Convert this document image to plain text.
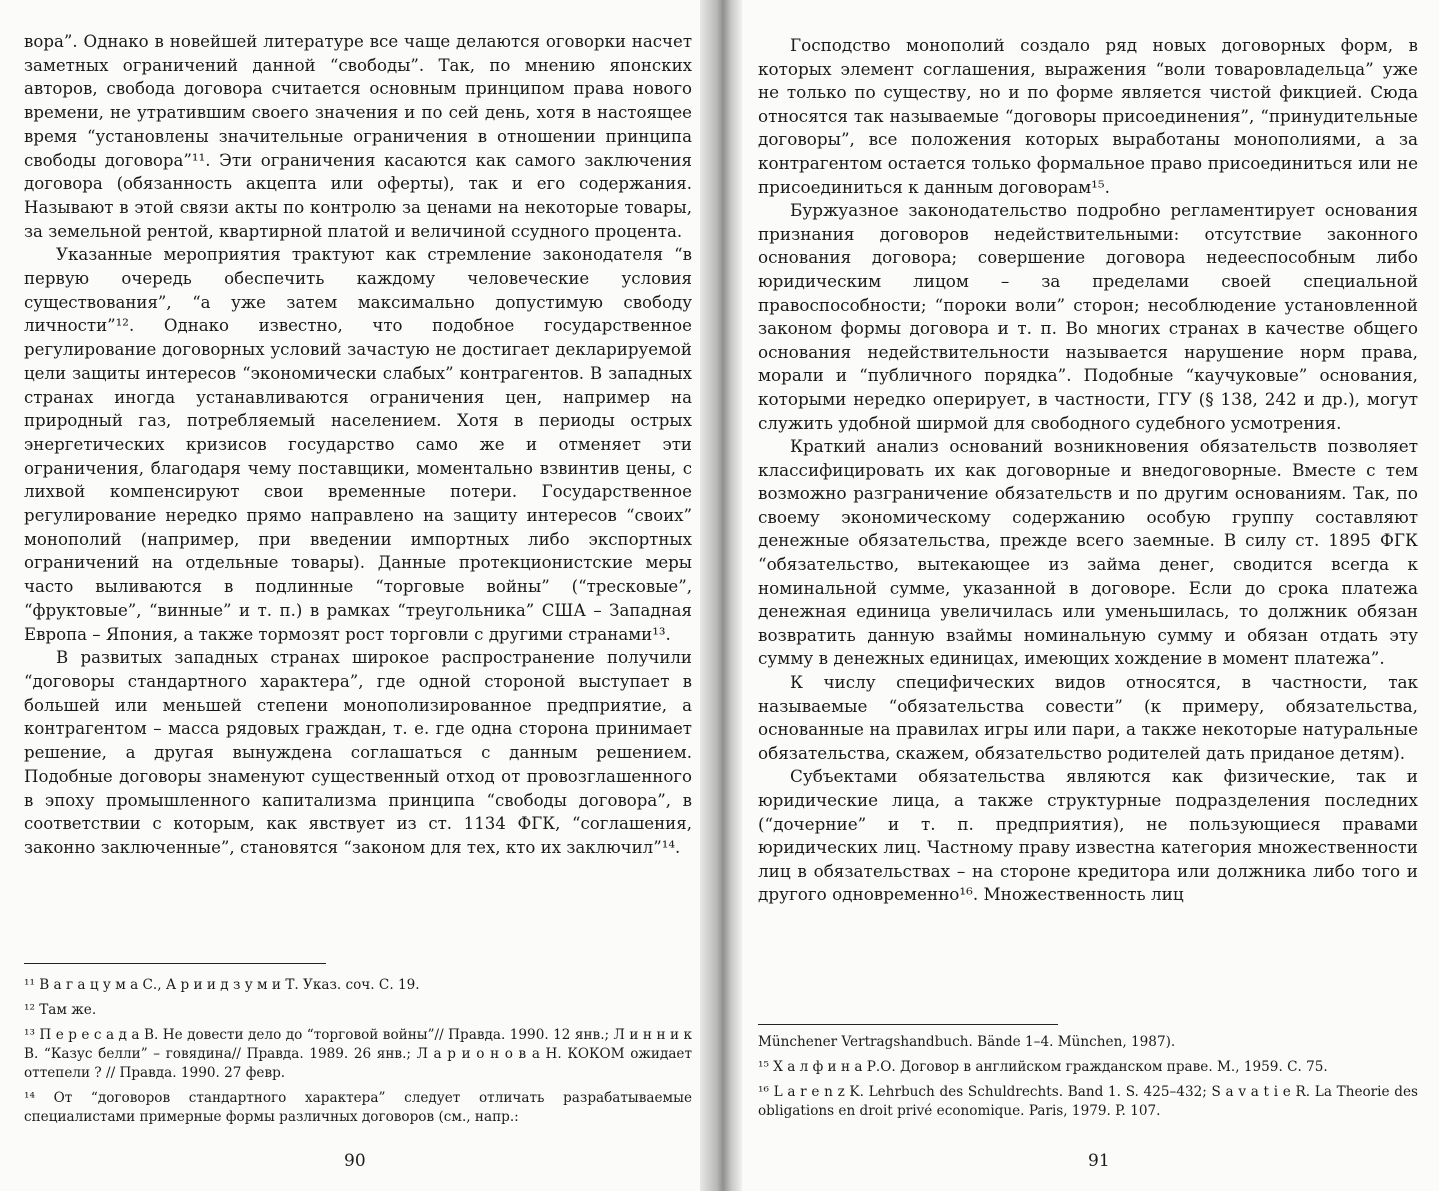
вора”. Однако в новейшей литературе все чаще делаются оговорки насчет заметных ограничений данной “свободы”. Так, по мнению японских авторов, свобода договора считается основным принципом права нового времени, не утратившим своего значения и по сей день, хотя в настоящее время “установлены значительные ограничения в отношении принципа свободы договора”¹¹. Эти ограничения касаются как самого заключения договора (обязанность акцепта или оферты), так и его содержания. Называют в этой связи акты по контролю за ценами на некоторые товары, за земельной рентой, квартирной платой и величиной ссудного процента.

Указанные мероприятия трактуют как стремление законодателя “в первую очередь обеспечить каждому человеческие условия существования”, “а уже затем максимально допустимую свободу личности”¹². Однако известно, что подобное государственное регулирование договорных условий зачастую не достигает декларируемой цели защиты интересов “экономически слабых” контрагентов. В западных странах иногда устанавливаются ограничения цен, например на природный газ, потребляемый населением. Хотя в периоды острых энергетических кризисов государство само же и отменяет эти ограничения, благодаря чему поставщики, моментально взвинтив цены, с лихвой компенсируют свои временные потери. Государственное регулирование нередко прямо направлено на защиту интересов “своих” монополий (например, при введении импортных либо экспортных ограничений на отдельные товары). Данные протекционистские меры часто выливаются в подлинные “торговые войны” (“тресковые”, “фруктовые”, “винные” и т. п.) в рамках “треугольника” США – Западная Европа – Япония, а также тормозят рост торговли с другими странами¹³.

В развитых западных странах широкое распространение получили “договоры стандартного характера”, где одной стороной выступает в большей или меньшей степени монополизированное предприятие, а контрагентом – масса рядовых граждан, т. е. где одна сторона принимает решение, а другая вынуждена соглашаться с данным решением. Подобные договоры знаменуют существенный отход от провозглашенного в эпоху промышленного капитализма принципа “свободы договора”, в соответствии с которым, как явствует из ст. 1134 ФГК, “соглашения, законно заключенные”, становятся “законом для тех, кто их заключил”¹⁴.

¹¹ В а г а ц у м а С., А р и и д з у м и Т. Указ. соч. С. 19.

¹² Там же.

¹³ П е р е с а д а В. Не довести дело до “торговой войны”// Правда. 1990. 12 янв.; Л и н н и к В. “Казус белли” – говядина// Правда. 1989. 26 янв.; Л а р и о н о в а Н. КОКОМ ожидает оттепели ? // Правда. 1990. 27 февр.

¹⁴ От “договоров стандартного характера” следует отличать разрабатываемые специалистами примерные формы различных договоров (см., напр.:

90

Господство монополий создало ряд новых договорных форм, в которых элемент соглашения, выражения “воли товаровладельца” уже не только по существу, но и по форме является чистой фикцией. Сюда относятся так называемые “договоры присоединения”, “принудительные договоры”, все положения которых выработаны монополиями, а за контрагентом остается только формальное право присоединиться или не присоединиться к данным договорам¹⁵.

Буржуазное законодательство подробно регламентирует основания признания договоров недействительными: отсутствие законного основания договора; совершение договора недееспособным либо юридическим лицом – за пределами своей специальной правоспособности; “пороки воли” сторон; несоблюдение установленной законом формы договора и т. п. Во многих странах в качестве общего основания недействительности называется нарушение норм права, морали и “публичного порядка”. Подобные “каучуковые” основания, которыми нередко оперирует, в частности, ГГУ (§ 138, 242 и др.), могут служить удобной ширмой для свободного судебного усмотрения.

Краткий анализ оснований возникновения обязательств позволяет классифицировать их как договорные и внедоговорные. Вместе с тем возможно разграничение обязательств и по другим основаниям. Так, по своему экономическому содержанию особую группу составляют денежные обязательства, прежде всего заемные. В силу ст. 1895 ФГК “обязательство, вытекающее из займа денег, сводится всегда к номинальной сумме, указанной в договоре. Если до срока платежа денежная единица увеличилась или уменьшилась, то должник обязан возвратить данную взаймы номинальную сумму и обязан отдать эту сумму в денежных единицах, имеющих хождение в момент платежа”.

К числу специфических видов относятся, в частности, так называемые “обязательства совести” (к примеру, обязательства, основанные на правилах игры или пари, а также некоторые натуральные обязательства, скажем, обязательство родителей дать приданое детям).

Субъектами обязательства являются как физические, так и юридические лица, а также структурные подразделения последних (“дочерние” и т. п. предприятия), не пользующиеся правами юридических лиц. Частному праву известна категория множественности лиц в обязательствах – на стороне кредитора или должника либо того и другого одновременно¹⁶. Множественность лиц

Münchener Vertragshandbuch. Bände 1–4. München, 1987).

¹⁵ Х а л ф и н а Р.О. Договор в английском гражданском праве. М., 1959. С. 75.

¹⁶ L a r e n z K. Lehrbuch des Schuldrechts. Band 1. S. 425–432; S a v a t i e R. La Theorie des obligations en droit privé economique. Paris, 1979. P. 107.

91
